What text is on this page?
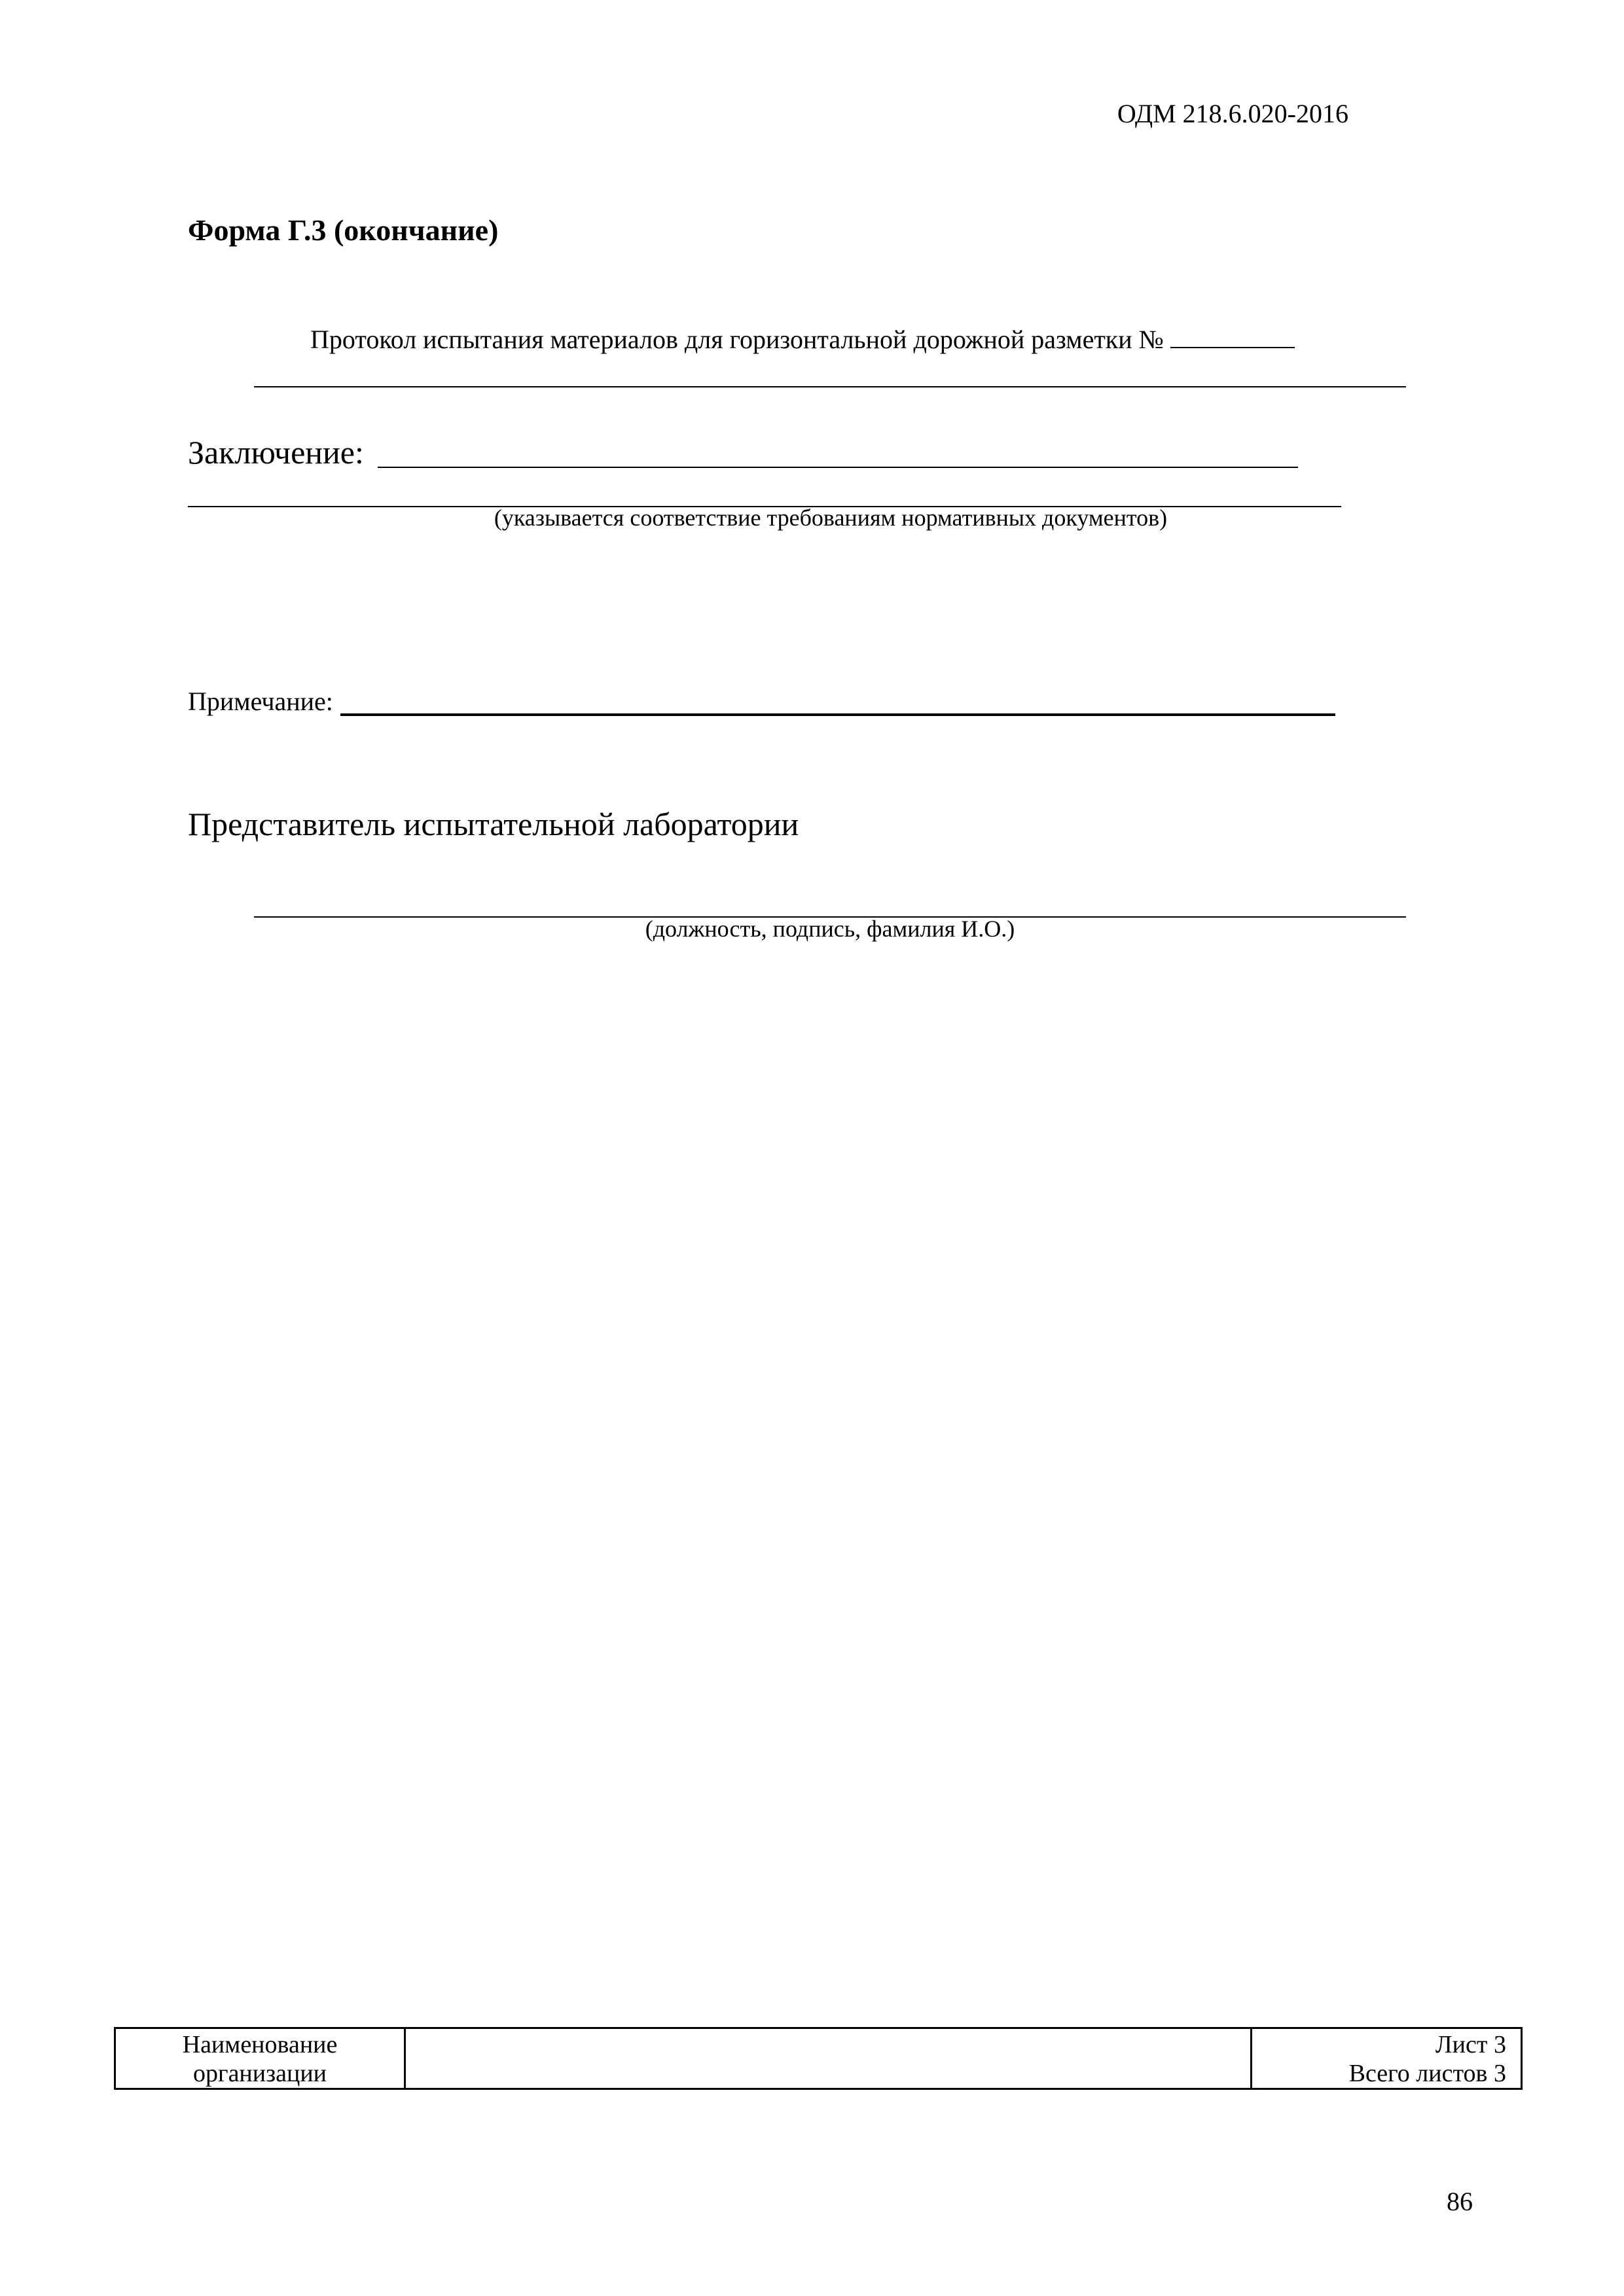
ОДМ 218.6.020-2016
Форма Г.3 (окончание)
Протокол испытания материалов для горизонтальной дорожной разметки №
Заключение:
(указывается соответствие требованиям нормативных документов)
Примечание:
Представитель испытательной лаборатории
(должность, подпись, фамилия И.О.)
Наименование
организации
Лист 3
Всего листов 3
86
